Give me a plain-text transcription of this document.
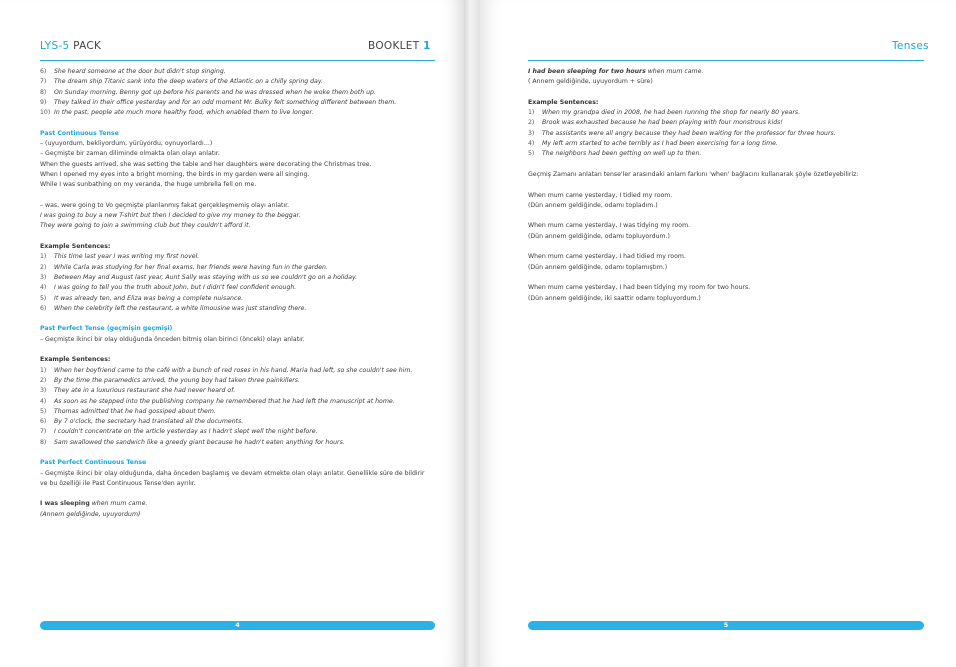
LYS-5 PACK	BOOKLET 1

6) She heard someone at the door but didn't stop singing.

7) The dream ship Titanic sank into the deep waters of the Atlantic on a chilly spring day.

8) On Sunday morning, Benny got up before his parents and he was dressed when he woke them both up.

9) They talked in their office yesterday and for an odd moment Mr. Bulky felt something different between them.

10) In the past, people ate much more healthy food, which enabled them to live longer.

Past Continuous Tense

– (uyuyordum, bekliyordum, yürüyordu, oynuyorlardı…)

– Geçmişte bir zaman diliminde olmakta olan olayı anlatır.

When the guests arrived, she was setting the table and her daughters were decorating the Christmas tree.

When I opened my eyes into a bright morning, the birds in my garden were all singing.

While I was sunbathing on my veranda, the huge umbrella fell on me.

– was, were going to Vo geçmişte planlanmış fakat gerçekleşmemiş olayı anlatır.

I was going to buy a new T-shirt but then I decided to give my money to the beggar.

They were going to join a swimming club but they couldn't afford it.

Example Sentences:

1) This time last year I was writing my first novel.

2) While Carla was studying for her final exams, her friends were having fun in the garden.

3) Between May and August last year, Aunt Sally was staying with us so we couldn't go on a holiday.

4) I was going to tell you the truth about John, but I didn't feel confident enough.

5) It was already ten, and Eliza was being a complete nuisance.

6) When the celebrity left the restaurant, a white limousine was just standing there.

Past Perfect Tense (geçmişin geçmişi)

– Geçmişte ikinci bir olay olduğunda önceden bitmiş olan birinci (önceki) olayı anlatır.

Example Sentences:

1) When her boyfriend came to the café with a bunch of red roses in his hand, Maria had left, so she couldn't see him.

2) By the time the paramedics arrived, the young boy had taken three painkillers.

3) They ate in a luxurious restaurant she had never heard of.

4) As soon as he stepped into the publishing company he remembered that he had left the manuscript at home.

5) Thomas admitted that he had gossiped about them.

6) By 7 o'clock, the secretary had translated all the documents.

7) I couldn't concentrate on the article yesterday as I hadn't slept well the night before.

8) Sam swallowed the sandwich like a greedy giant because he hadn't eaten anything for hours.

Past Perfect Continuous Tense

– Geçmişte ikinci bir olay olduğunda, daha önceden başlamış ve devam etmekte olan olayı anlatır. Genellikle süre de bildirir

ve bu özelliği ile Past Continuous Tense'den ayrılır.

I was sleeping when mum came.

(Annem geldiğinde, uyuyordum)

4
Tenses

I had been sleeping for two hours when mum came.

( Annem geldiğinde, uyuyordum + süre)

Example Sentences:

1) When my grandpa died in 2008, he had been running the shop for nearly 80 years.

2) Brook was exhausted because he had been playing with four monstrous kids!

3) The assistants were all angry because they had been waiting for the professor for three hours.

4) My left arm started to ache terribly as I had been exercising for a long time.

5) The neighbors had been getting on well up to then.

Geçmiş Zamanı anlatan tense'ler arasındaki anlam farkını 'when' bağlacını kullanarak şöyle özetleyebiliriz:

When mum came yesterday, I tidied my room.

(Dün annem geldiğinde, odamı topladım.)

When mum came yesterday, I was tidying my room.

(Dün annem geldiğinde, odamı topluyordum.)

When mum came yesterday, I had tidied my room.

(Dün annem geldiğinde, odamı toplamıştım.)

When mum came yesterday, I had been tidying my room for two hours.

(Dün annem geldiğinde, iki saattir odamı topluyordum.)

5
